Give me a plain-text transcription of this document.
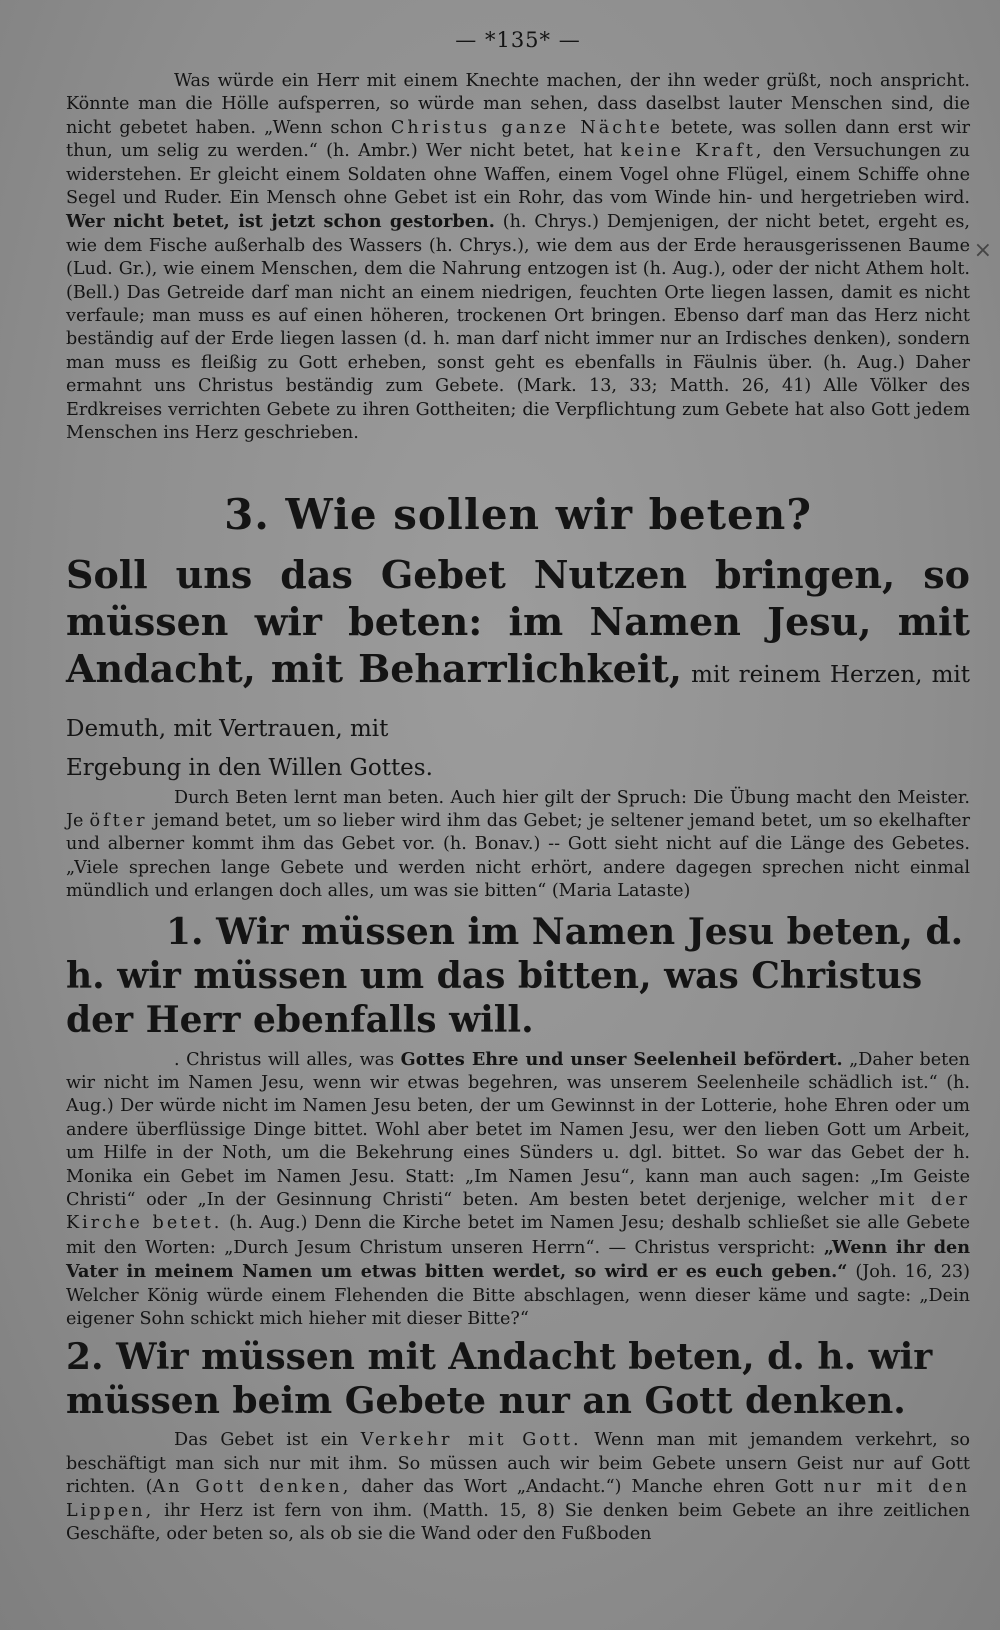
×
— *135* —

Was würde ein Herr mit einem Knechte machen, der ihn weder grüßt, noch anspricht. Könnte man die Hölle aufsperren, so würde man sehen, dass daselbst lauter Menschen sind, die nicht gebetet haben. „Wenn schon Christus ganze Nächte betete, was sollen dann erst wir thun, um selig zu werden.“ (h. Ambr.) Wer nicht betet, hat keine Kraft, den Versuchungen zu widerstehen. Er gleicht einem Soldaten ohne Waffen, einem Vogel ohne Flügel, einem Schiffe ohne Segel und Ruder. Ein Mensch ohne Gebet ist ein Rohr, das vom Winde hin- und hergetrieben wird. Wer nicht betet, ist jetzt schon gestorben. (h. Chrys.) Demjenigen, der nicht betet, ergeht es, wie dem Fische außerhalb des Wassers (h. Chrys.), wie dem aus der Erde herausgerissenen Baume (Lud. Gr.), wie einem Menschen, dem die Nahrung entzogen ist (h. Aug.), oder der nicht Athem holt. (Bell.) Das Getreide darf man nicht an einem niedrigen, feuchten Orte liegen lassen, damit es nicht verfaule; man muss es auf einen höheren, trockenen Ort bringen. Ebenso darf man das Herz nicht beständig auf der Erde liegen lassen (d. h. man darf nicht immer nur an Irdisches denken), sondern man muss es fleißig zu Gott erheben, sonst geht es ebenfalls in Fäulnis über. (h. Aug.) Daher ermahnt uns Christus beständig zum Gebete. (Mark. 13, 33; Matth. 26, 41) Alle Völker des Erdkreises verrichten Gebete zu ihren Gottheiten; die Verpflichtung zum Gebete hat also Gott jedem Menschen ins Herz geschrieben.

3. Wie sollen wir beten?

Soll uns das Gebet Nutzen bringen, so müssen wir beten: im Namen Jesu, mit Andacht, mit Beharrlichkeit, mit reinem Herzen, mit Demuth, mit Vertrauen, mit

Ergebung in den Willen Gottes.

Durch Beten lernt man beten. Auch hier gilt der Spruch: Die Übung macht den Meister. Je öfter jemand betet, um so lieber wird ihm das Gebet; je seltener jemand betet, um so ekelhafter und alberner kommt ihm das Gebet vor. (h. Bonav.) -- Gott sieht nicht auf die Länge des Gebetes. „Viele sprechen lange Gebete und werden nicht erhört, andere dagegen sprechen nicht einmal mündlich und erlangen doch alles, um was sie bitten“ (Maria Lataste)

1. Wir müssen im Namen Jesu beten, d. h. wir müssen um das bitten, was Christus der Herr ebenfalls will.

. Christus will alles, was Gottes Ehre und unser Seelenheil befördert. „Daher beten wir nicht im Namen Jesu, wenn wir etwas begehren, was unserem Seelenheile schädlich ist.“ (h. Aug.) Der würde nicht im Namen Jesu beten, der um Gewinnst in der Lotterie, hohe Ehren oder um andere überflüssige Dinge bittet. Wohl aber betet im Namen Jesu, wer den lieben Gott um Arbeit, um Hilfe in der Noth, um die Bekehrung eines Sünders u. dgl. bittet. So war das Gebet der h. Monika ein Gebet im Namen Jesu. Statt: „Im Namen Jesu“, kann man auch sagen: „Im Geiste Christi“ oder „In der Gesinnung Christi“ beten. Am besten betet derjenige, welcher mit der Kirche betet. (h. Aug.) Denn die Kirche betet im Namen Jesu; deshalb schließet sie alle Gebete mit den Worten: „Durch Jesum Christum unseren Herrn“. — Christus verspricht: „Wenn ihr den Vater in meinem Namen um etwas bitten werdet, so wird er es euch geben.“ (Joh. 16, 23) Welcher König würde einem Flehenden die Bitte abschlagen, wenn dieser käme und sagte: „Dein eigener Sohn schickt mich hieher mit dieser Bitte?“

2. Wir müssen mit Andacht beten, d. h. wir müssen beim Gebete nur an Gott denken.

Das Gebet ist ein Verkehr mit Gott. Wenn man mit jemandem verkehrt, so beschäftigt man sich nur mit ihm. So müssen auch wir beim Gebete unsern Geist nur auf Gott richten. (An Gott denken, daher das Wort „Andacht.“) Manche ehren Gott nur mit den Lippen, ihr Herz ist fern von ihm. (Matth. 15, 8) Sie denken beim Gebete an ihre zeitlichen Geschäfte, oder beten so, als ob sie die Wand oder den Fußboden
